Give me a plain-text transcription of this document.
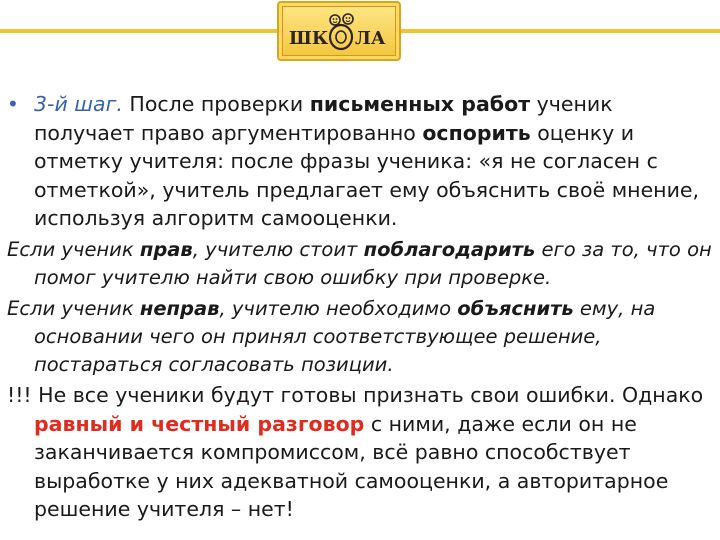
ШК ЛА

• 3-й шаг. После проверки письменных работ ученик получает право аргументированно оспорить оценку и отметку учителя: после фразы ученика: «я не согласен с отметкой», учитель предлагает ему объяснить своё мнение, используя алгоритм самооценки.

Если ученик прав, учителю стоит поблагодарить его за то, что он помог учителю найти свою ошибку при проверке.

Если ученик неправ, учителю необходимо объяснить ему, на основании чего он принял соответствующее решение, постараться согласовать позиции.

!!! Не все ученики будут готовы признать свои ошибки. Однако равный и честный разговор с ними, даже если он не заканчивается компромиссом, всё равно способствует выработке у них адекватной самооценки, а авторитарное решение учителя – нет!
